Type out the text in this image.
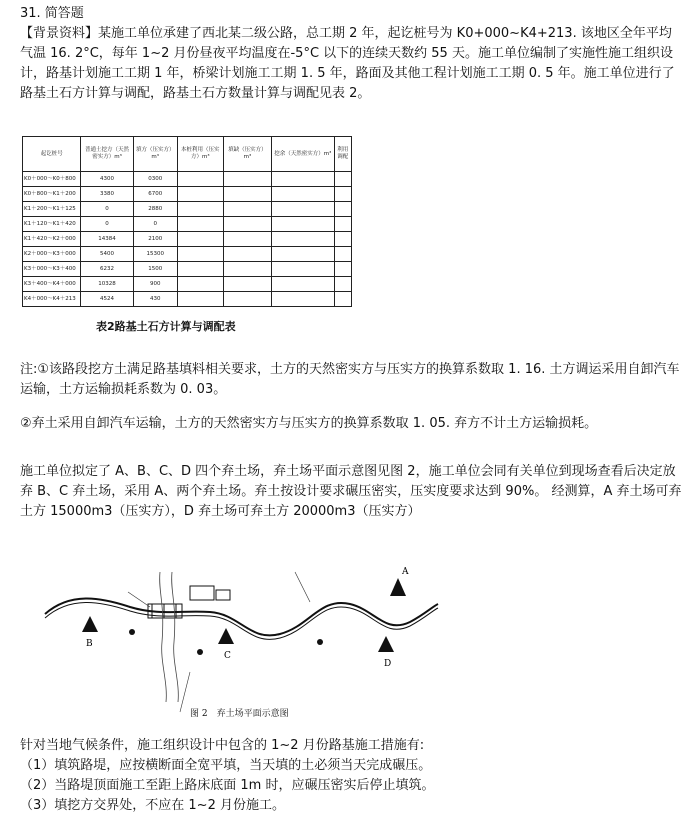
31. 简答题
【背景资料】某施工单位承建了西北某二级公路，总工期 2 年，起讫桩号为 K0+000~K4+213. 该地区全年平均气温 16. 2°C，每年 1~2 月份昼夜平均温度在-5°C 以下的连续天数约 55 天。施工单位编制了实施性施工组织设计，路基计划施工工期 1 年，桥梁计划施工工期 1. 5 年，路面及其他工程计划施工工期 0. 5 年。施工单位进行了路基土石方计算与调配，路基土石方数量计算与调配见表 2。
起讫桩号	普通土挖方（天然密实方）m³	填方（压实方）m³	本桩利用（压实方）m³	填缺（压实方）m³	挖余（天然密实方）m³	利用调配
K0＋000～K0＋800	4300	0300				
K0＋800～K1＋200	3380	6700				
K1＋200～K1＋125	0	2880				
K1＋120～K1＋420	0	0				
K1＋420～K2＋000	14384	2100				
K2＋000～K3＋000	5400	15300				
K3＋000～K3＋400	6232	1500				
K3＋400～K4＋000	10328	900				
K4＋000～K4＋213	4524	430				
表2路基土石方计算与调配表
注:①该路段挖方土满足路基填料相关要求，土方的天然密实方与压实方的换算系数取 1. 16. 土方调运采用自卸汽车运输，土方运输损耗系数为 0. 03。
②弃土采用自卸汽车运输，土方的天然密实方与压实方的换算系数取 1. 05. 弃方不计土方运输损耗。
施工单位拟定了 A、B、C、D 四个弃土场，弃土场平面示意图见图 2，施工单位会同有关单位到现场查看后决定放弃 B、C 弃土场，采用 A、两个弃土场。弃土按设计要求碾压密实，压实度要求达到 90%。 经测算，A 弃土场可弃土方 15000m3（压实方），D 弃土场可弃土方 20000m3（压实方）
A
B
C
D
图 2　弃土场平面示意图
针对当地气候条件，施工组织设计中包含的 1~2 月份路基施工措施有:
（1）填筑路堤，应按横断面全宽平填，当天填的土必须当天完成碾压。
（2）当路堤顶面施工至距上路床底面 1m 时，应碾压密实后停止填筑。
（3）填挖方交界处，不应在 1~2 月份施工。
